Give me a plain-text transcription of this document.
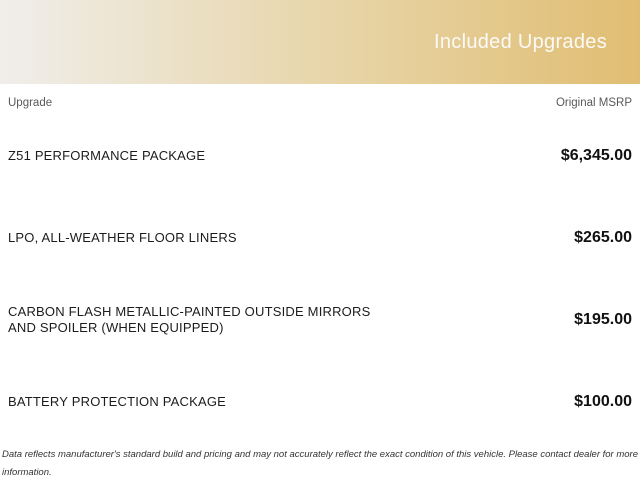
Included Upgrades
Upgrade	Original MSRP
Z51 PERFORMANCE PACKAGE	$6,345.00
LPO, ALL-WEATHER FLOOR LINERS	$265.00
CARBON FLASH METALLIC-PAINTED OUTSIDE MIRRORS AND SPOILER (WHEN EQUIPPED)	$195.00
BATTERY PROTECTION PACKAGE	$100.00
Data reflects manufacturer's standard build and pricing and may not accurately reflect the exact condition of this vehicle. Please contact dealer for more information.
